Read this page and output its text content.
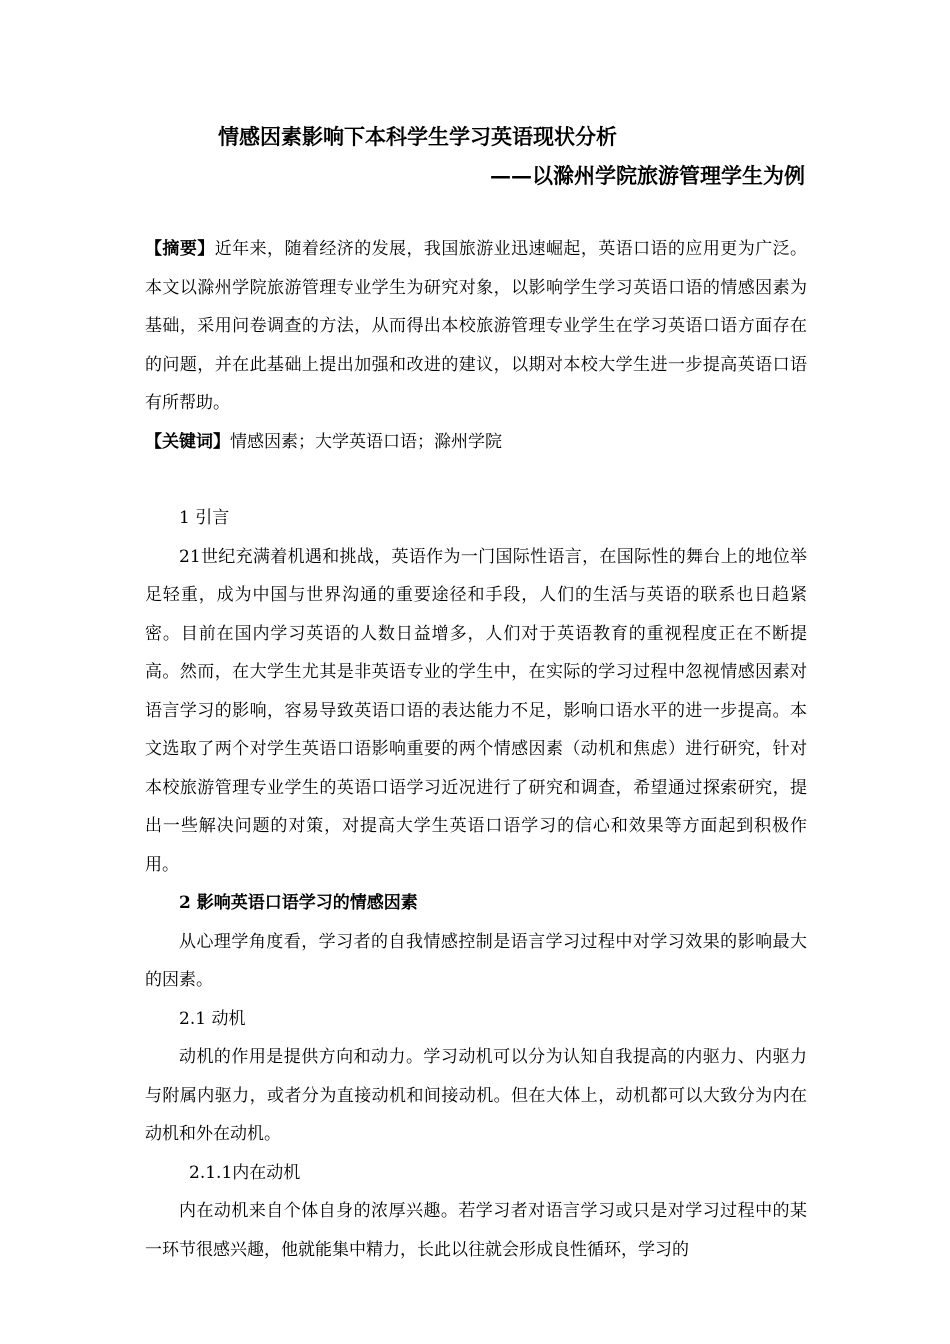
情感因素影响下本科学生学习英语现状分析
——以滁州学院旅游管理学生为例

【摘要】近年来，随着经济的发展，我国旅游业迅速崛起，英语口语的应用更为广泛。本文以滁州学院旅游管理专业学生为研究对象，以影响学生学习英语口语的情感因素为基础，采用问卷调查的方法，从而得出本校旅游管理专业学生在学习英语口语方面存在的问题，并在此基础上提出加强和改进的建议，以期对本校大学生进一步提高英语口语有所帮助。

【关键词】情感因素；大学英语口语；滁州学院

1 引言

21世纪充满着机遇和挑战，英语作为一门国际性语言，在国际性的舞台上的地位举足轻重，成为中国与世界沟通的重要途径和手段，人们的生活与英语的联系也日趋紧密。目前在国内学习英语的人数日益增多，人们对于英语教育的重视程度正在不断提高。然而，在大学生尤其是非英语专业的学生中，在实际的学习过程中忽视情感因素对语言学习的影响，容易导致英语口语的表达能力不足，影响口语水平的进一步提高。本文选取了两个对学生英语口语影响重要的两个情感因素（动机和焦虑）进行研究，针对本校旅游管理专业学生的英语口语学习近况进行了研究和调查，希望通过探索研究，提出一些解决问题的对策，对提高大学生英语口语学习的信心和效果等方面起到积极作用。

2 影响英语口语学习的情感因素

从心理学角度看，学习者的自我情感控制是语言学习过程中对学习效果的影响最大的因素。

2.1 动机

动机的作用是提供方向和动力。学习动机可以分为认知自我提高的内驱力、内驱力与附属内驱力，或者分为直接动机和间接动机。但在大体上，动机都可以大致分为内在动机和外在动机。

2.1.1内在动机

内在动机来自个体自身的浓厚兴趣。若学习者对语言学习或只是对学习过程中的某一环节很感兴趣，他就能集中精力，长此以往就会形成良性循环，学习的
